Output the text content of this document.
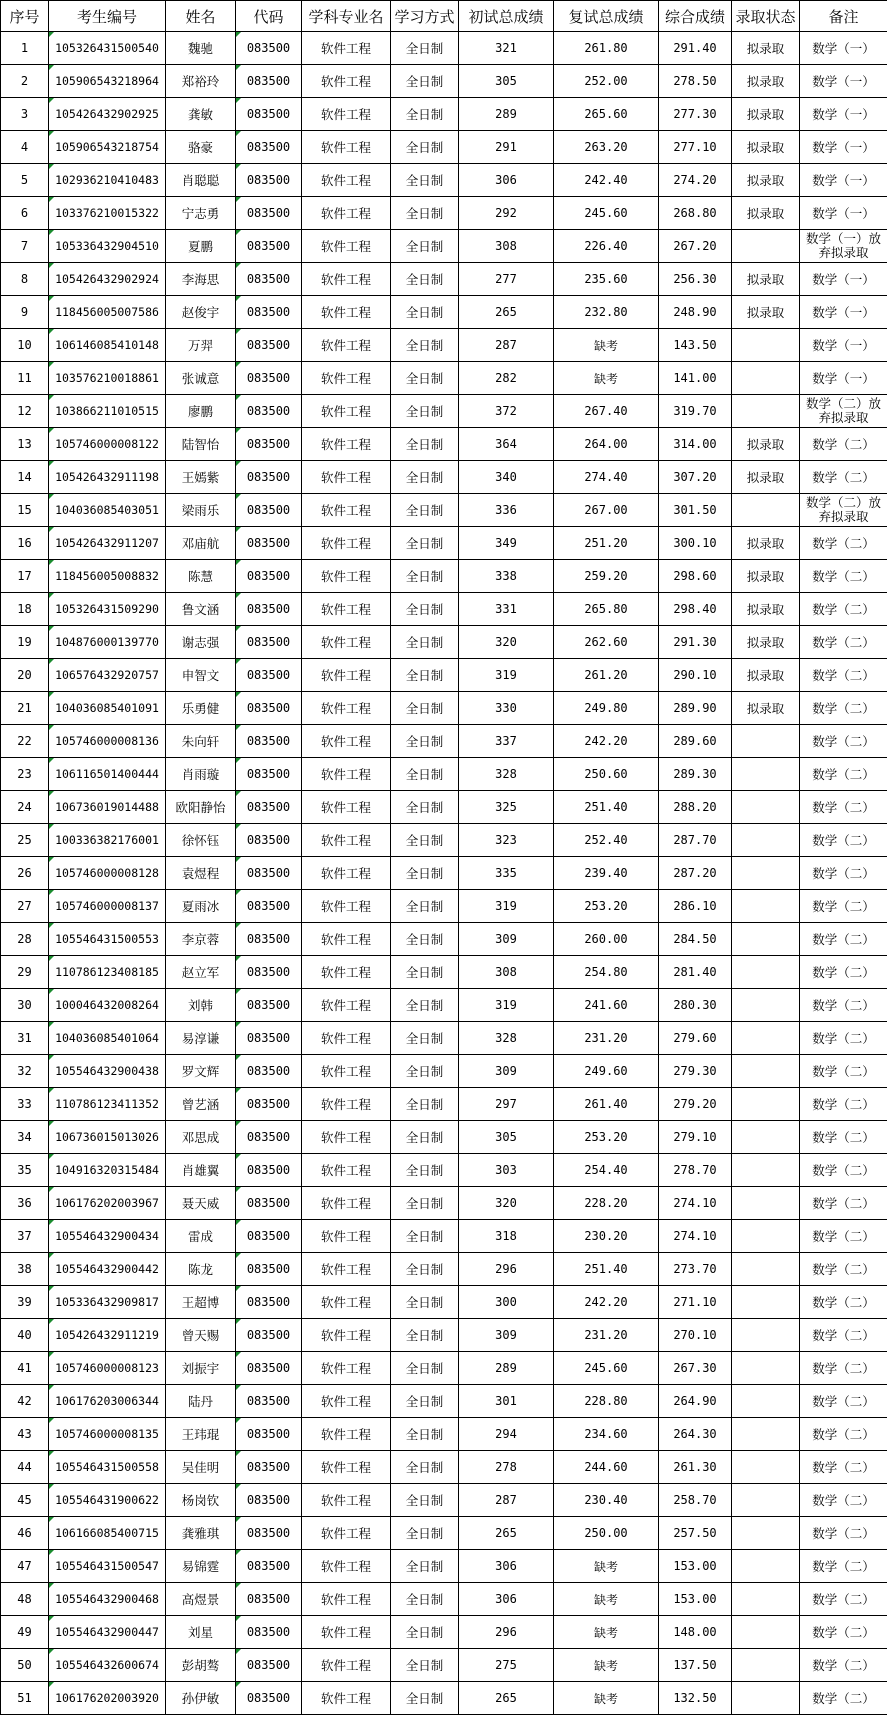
序号	考生编号	姓名	代码	学科专业名	学习方式	初试总成绩	复试总成绩	综合成绩	录取状态	备注
1	105326431500540	魏驰	083500	软件工程	全日制	321	261.80	291.40	拟录取	数学（一）
2	105906543218964	郑裕玲	083500	软件工程	全日制	305	252.00	278.50	拟录取	数学（一）
3	105426432902925	龚敏	083500	软件工程	全日制	289	265.60	277.30	拟录取	数学（一）
4	105906543218754	骆豪	083500	软件工程	全日制	291	263.20	277.10	拟录取	数学（一）
5	102936210410483	肖聪聪	083500	软件工程	全日制	306	242.40	274.20	拟录取	数学（一）
6	103376210015322	宁志勇	083500	软件工程	全日制	292	245.60	268.80	拟录取	数学（一）
7	105336432904510	夏鹏	083500	软件工程	全日制	308	226.40	267.20		数学（一）放弃拟录取
8	105426432902924	李海思	083500	软件工程	全日制	277	235.60	256.30	拟录取	数学（一）
9	118456005007586	赵俊宇	083500	软件工程	全日制	265	232.80	248.90	拟录取	数学（一）
10	106146085410148	万羿	083500	软件工程	全日制	287	缺考	143.50		数学（一）
11	103576210018861	张诚意	083500	软件工程	全日制	282	缺考	141.00		数学（一）
12	103866211010515	廖鹏	083500	软件工程	全日制	372	267.40	319.70		数学（二）放弃拟录取
13	105746000008122	陆智怡	083500	软件工程	全日制	364	264.00	314.00	拟录取	数学（二）
14	105426432911198	王嫣紫	083500	软件工程	全日制	340	274.40	307.20	拟录取	数学（二）
15	104036085403051	梁雨乐	083500	软件工程	全日制	336	267.00	301.50		数学（二）放弃拟录取
16	105426432911207	邓庙航	083500	软件工程	全日制	349	251.20	300.10	拟录取	数学（二）
17	118456005008832	陈慧	083500	软件工程	全日制	338	259.20	298.60	拟录取	数学（二）
18	105326431509290	鲁文涵	083500	软件工程	全日制	331	265.80	298.40	拟录取	数学（二）
19	104876000139770	谢志强	083500	软件工程	全日制	320	262.60	291.30	拟录取	数学（二）
20	106576432920757	申智文	083500	软件工程	全日制	319	261.20	290.10	拟录取	数学（二）
21	104036085401091	乐勇健	083500	软件工程	全日制	330	249.80	289.90	拟录取	数学（二）
22	105746000008136	朱向轩	083500	软件工程	全日制	337	242.20	289.60		数学（二）
23	106116501400444	肖雨璇	083500	软件工程	全日制	328	250.60	289.30		数学（二）
24	106736019014488	欧阳静怡	083500	软件工程	全日制	325	251.40	288.20		数学（二）
25	100336382176001	徐怀钰	083500	软件工程	全日制	323	252.40	287.70		数学（二）
26	105746000008128	袁煜程	083500	软件工程	全日制	335	239.40	287.20		数学（二）
27	105746000008137	夏雨冰	083500	软件工程	全日制	319	253.20	286.10		数学（二）
28	105546431500553	李京蓉	083500	软件工程	全日制	309	260.00	284.50		数学（二）
29	110786123408185	赵立军	083500	软件工程	全日制	308	254.80	281.40		数学（二）
30	100046432008264	刘韩	083500	软件工程	全日制	319	241.60	280.30		数学（二）
31	104036085401064	易淳谦	083500	软件工程	全日制	328	231.20	279.60		数学（二）
32	105546432900438	罗文辉	083500	软件工程	全日制	309	249.60	279.30		数学（二）
33	110786123411352	曾艺涵	083500	软件工程	全日制	297	261.40	279.20		数学（二）
34	106736015013026	邓思成	083500	软件工程	全日制	305	253.20	279.10		数学（二）
35	104916320315484	肖雄翼	083500	软件工程	全日制	303	254.40	278.70		数学（二）
36	106176202003967	聂天威	083500	软件工程	全日制	320	228.20	274.10		数学（二）
37	105546432900434	雷成	083500	软件工程	全日制	318	230.20	274.10		数学（二）
38	105546432900442	陈龙	083500	软件工程	全日制	296	251.40	273.70		数学（二）
39	105336432909817	王超博	083500	软件工程	全日制	300	242.20	271.10		数学（二）
40	105426432911219	曾天赐	083500	软件工程	全日制	309	231.20	270.10		数学（二）
41	105746000008123	刘振宇	083500	软件工程	全日制	289	245.60	267.30		数学（二）
42	106176203006344	陆丹	083500	软件工程	全日制	301	228.80	264.90		数学（二）
43	105746000008135	王玮琨	083500	软件工程	全日制	294	234.60	264.30		数学（二）
44	105546431500558	吴佳明	083500	软件工程	全日制	278	244.60	261.30		数学（二）
45	105546431900622	杨岗钦	083500	软件工程	全日制	287	230.40	258.70		数学（二）
46	106166085400715	龚雅琪	083500	软件工程	全日制	265	250.00	257.50		数学（二）
47	105546431500547	易锦霆	083500	软件工程	全日制	306	缺考	153.00		数学（二）
48	105546432900468	高煜景	083500	软件工程	全日制	306	缺考	153.00		数学（二）
49	105546432900447	刘星	083500	软件工程	全日制	296	缺考	148.00		数学（二）
50	105546432600674	彭胡骜	083500	软件工程	全日制	275	缺考	137.50		数学（二）
51	106176202003920	孙伊敏	083500	软件工程	全日制	265	缺考	132.50		数学（二）
